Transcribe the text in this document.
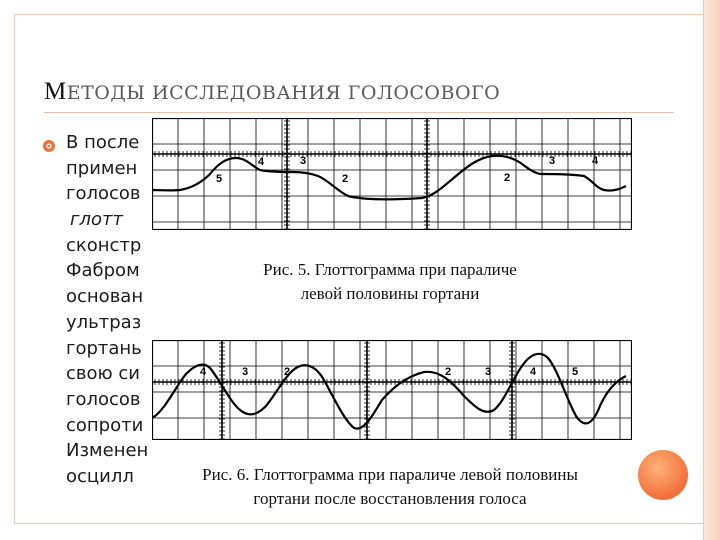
МЕТОДЫ ИССЛЕДОВАНИЯ ГОЛОСОВОГО
В после
примен
голосов
глотт
сконстр
Фабром
основан
ультраз
гортань
свою си
голосов
сопроти
Изменен
осцилл
5
4	3
2	2
3	4
Рис. 5. Глоттограмма при параличе
левой половины гортани
4	3	2	2	3	4	5
Рис. 6. Глоттограмма при параличе левой половины
гортани после восстановления голоса
